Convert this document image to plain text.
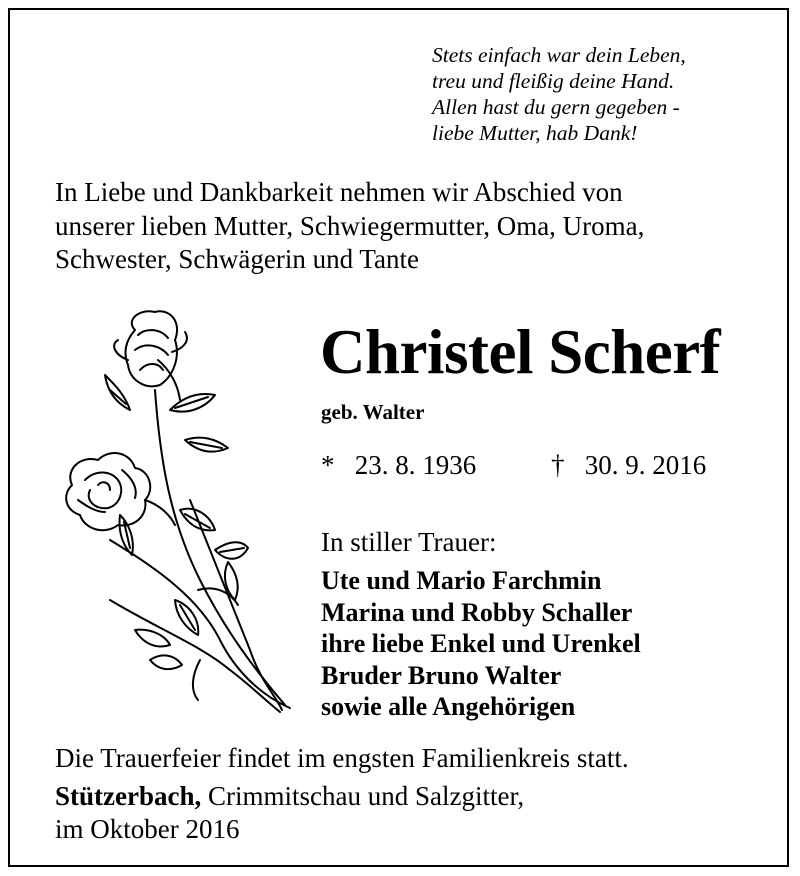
Stets einfach war dein Leben,
treu und fleißig deine Hand.
Allen hast du gern gegeben -
liebe Mutter, hab Dank!
In Liebe und Dankbarkeit nehmen wir Abschied von
unserer lieben Mutter, Schwiegermutter, Oma, Uroma,
Schwester, Schwägerin und Tante
Christel Scherf
geb. Walter
* 23. 8. 1936	† 30. 9. 2016
In stiller Trauer:
Ute und Mario Farchmin
Marina und Robby Schaller
ihre liebe Enkel und Urenkel
Bruder Bruno Walter
sowie alle Angehörigen
Die Trauerfeier findet im engsten Familienkreis statt.
Stützerbach, Crimmitschau und Salzgitter,
im Oktober 2016
